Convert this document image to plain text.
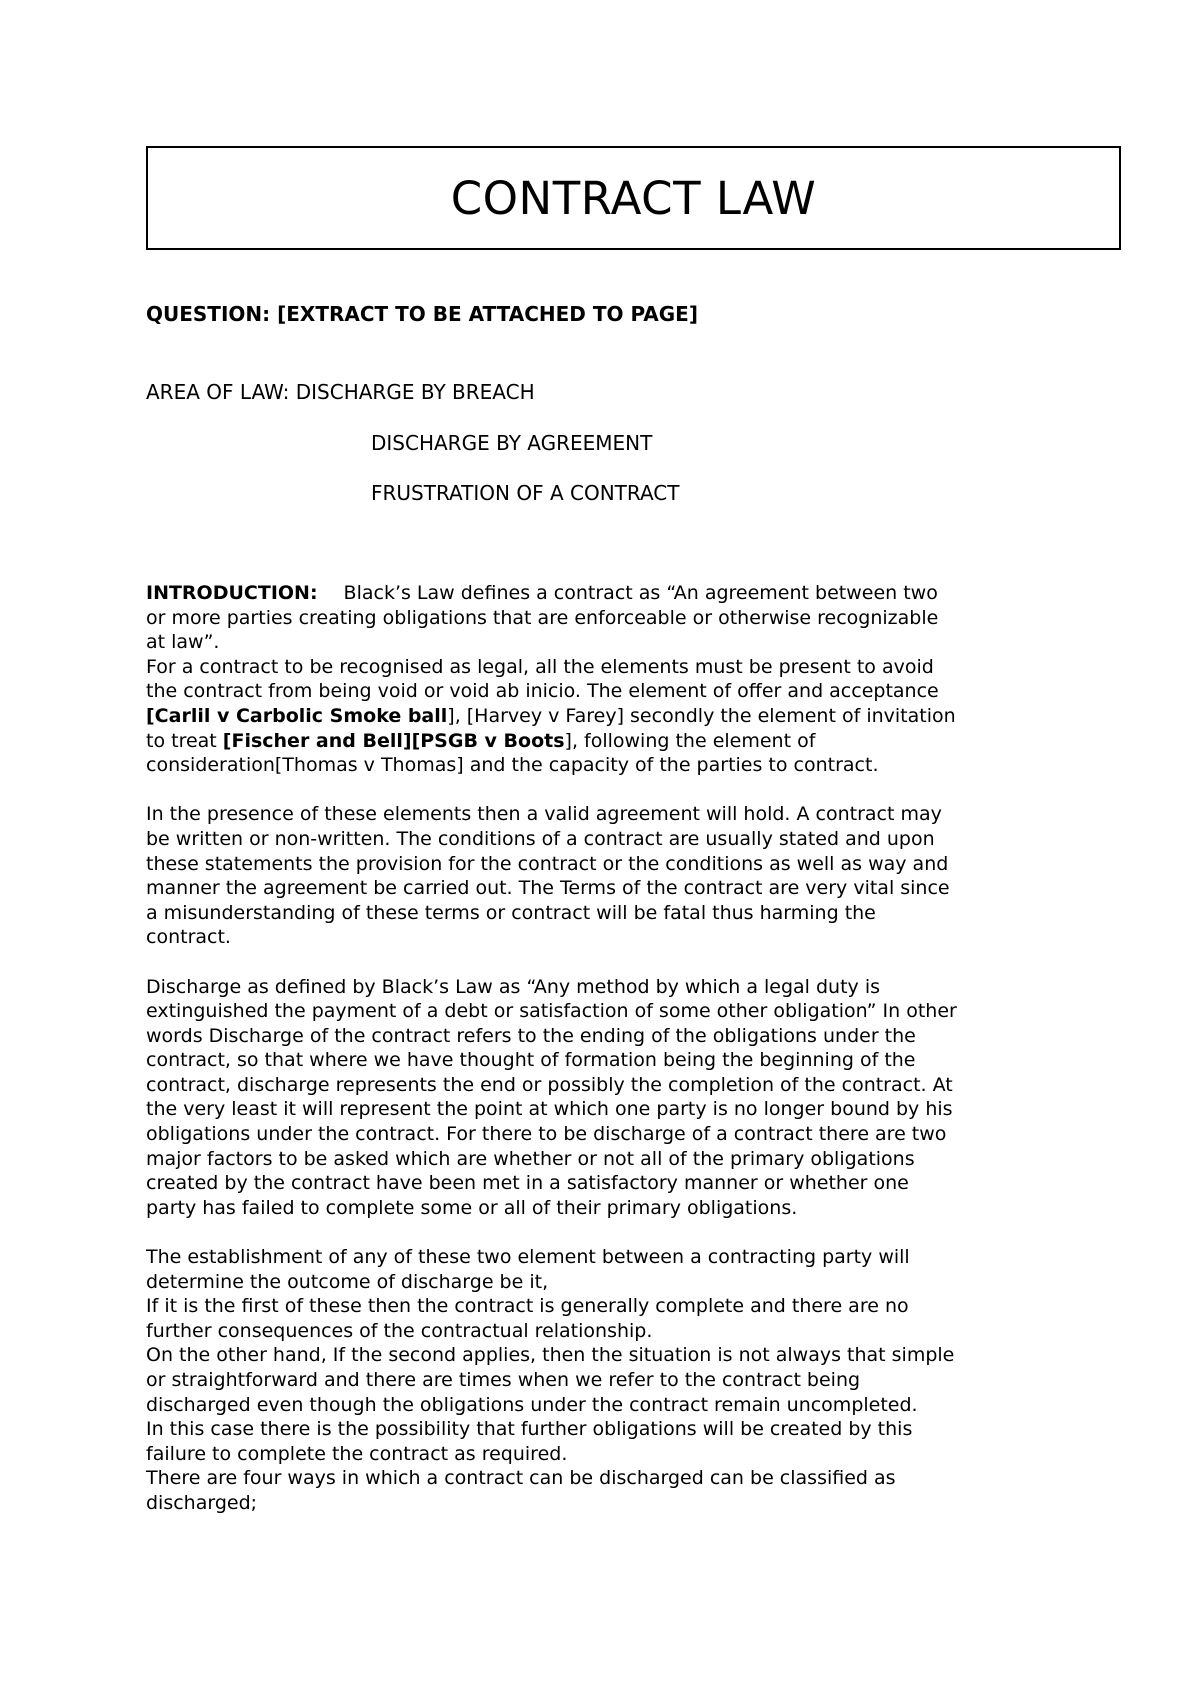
CONTRACT LAW
QUESTION: [EXTRACT TO BE ATTACHED TO PAGE]
AREA OF LAW: DISCHARGE BY BREACH
DISCHARGE BY AGREEMENT
FRUSTRATION OF A CONTRACT

INTRODUCTION: Black’s Law defines a contract as “An agreement between two
or more parties creating obligations that are enforceable or otherwise recognizable
at law”.
For a contract to be recognised as legal, all the elements must be present to avoid
the contract from being void or void ab inicio. The element of offer and acceptance
[Carlil v Carbolic Smoke ball], [Harvey v Farey] secondly the element of invitation
to treat [Fischer and Bell][PSGB v Boots], following the element of
consideration[Thomas v Thomas] and the capacity of the parties to contract.

In the presence of these elements then a valid agreement will hold. A contract may
be written or non-written. The conditions of a contract are usually stated and upon
these statements the provision for the contract or the conditions as well as way and
manner the agreement be carried out. The Terms of the contract are very vital since
a misunderstanding of these terms or contract will be fatal thus harming the
contract.

Discharge as defined by Black’s Law as “Any method by which a legal duty is
extinguished the payment of a debt or satisfaction of some other obligation” In other
words Discharge of the contract refers to the ending of the obligations under the
contract, so that where we have thought of formation being the beginning of the
contract, discharge represents the end or possibly the completion of the contract. At
the very least it will represent the point at which one party is no longer bound by his
obligations under the contract. For there to be discharge of a contract there are two
major factors to be asked which are whether or not all of the primary obligations
created by the contract have been met in a satisfactory manner or whether one
party has failed to complete some or all of their primary obligations.

The establishment of any of these two element between a contracting party will
determine the outcome of discharge be it,
If it is the first of these then the contract is generally complete and there are no
further consequences of the contractual relationship.
On the other hand, If the second applies, then the situation is not always that simple
or straightforward and there are times when we refer to the contract being
discharged even though the obligations under the contract remain uncompleted.
In this case there is the possibility that further obligations will be created by this
failure to complete the contract as required.
There are four ways in which a contract can be discharged can be classified as
discharged;
